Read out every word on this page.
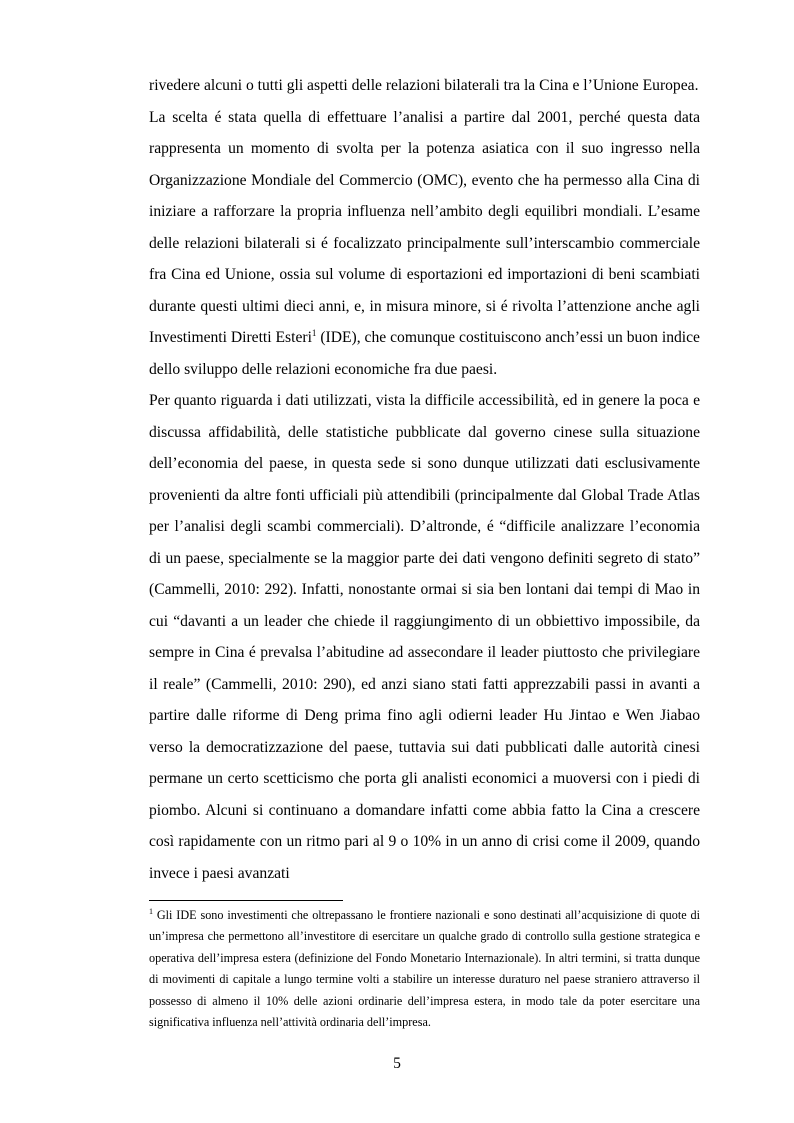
rivedere alcuni o tutti gli aspetti delle relazioni bilaterali tra la Cina e l’Unione Europea.

La scelta é stata quella di effettuare l’analisi a partire dal 2001, perché questa data rappresenta un momento di svolta per la potenza asiatica con il suo ingresso nella Organizzazione Mondiale del Commercio (OMC), evento che ha permesso alla Cina di iniziare a rafforzare la propria influenza nell’ambito degli equilibri mondiali. L’esame delle relazioni bilaterali si é focalizzato principalmente sull’interscambio commerciale fra Cina ed Unione, ossia sul volume di esportazioni ed importazioni di beni scambiati durante questi ultimi dieci anni, e, in misura minore, si é rivolta l’attenzione anche agli Investimenti Diretti Esteri$^1$ (IDE), che comunque costituiscono anch’essi un buon indice dello sviluppo delle relazioni economiche fra due paesi.

Per quanto riguarda i dati utilizzati, vista la difficile accessibilità, ed in genere la poca e discussa affidabilità, delle statistiche pubblicate dal governo cinese sulla situazione dell’economia del paese, in questa sede si sono dunque utilizzati dati esclusivamente provenienti da altre fonti ufficiali più attendibili (principalmente dal Global Trade Atlas per l’analisi degli scambi commerciali). D’altronde, é “difficile analizzare l’economia di un paese, specialmente se la maggior parte dei dati vengono definiti segreto di stato” (Cammelli, 2010: 292). Infatti, nonostante ormai si sia ben lontani dai tempi di Mao in cui “davanti a un leader che chiede il raggiungimento di un obbiettivo impossibile, da sempre in Cina é prevalsa l’abitudine ad assecondare il leader piuttosto che privilegiare il reale” (Cammelli, 2010: 290), ed anzi siano stati fatti apprezzabili passi in avanti a partire dalle riforme di Deng prima fino agli odierni leader Hu Jintao e Wen Jiabao verso la democratizzazione del paese, tuttavia sui dati pubblicati dalle autorità cinesi permane un certo scetticismo che porta gli analisti economici a muoversi con i piedi di piombo. Alcuni si continuano a domandare infatti come abbia fatto la Cina a crescere così rapidamente con un ritmo pari al 9 o 10% in un anno di crisi come il 2009, quando invece i paesi avanzati

$^1$ Gli IDE sono investimenti che oltrepassano le frontiere nazionali e sono destinati all’acquisizione di quote di un’impresa che permettono all’investitore di esercitare un qualche grado di controllo sulla gestione strategica e operativa dell’impresa estera (definizione del Fondo Monetario Internazionale). In altri termini, si tratta dunque di movimenti di capitale a lungo termine volti a stabilire un interesse duraturo nel paese straniero attraverso il possesso di almeno il 10% delle azioni ordinarie dell’impresa estera, in modo tale da poter esercitare una significativa influenza nell’attività ordinaria dell’impresa.

5
